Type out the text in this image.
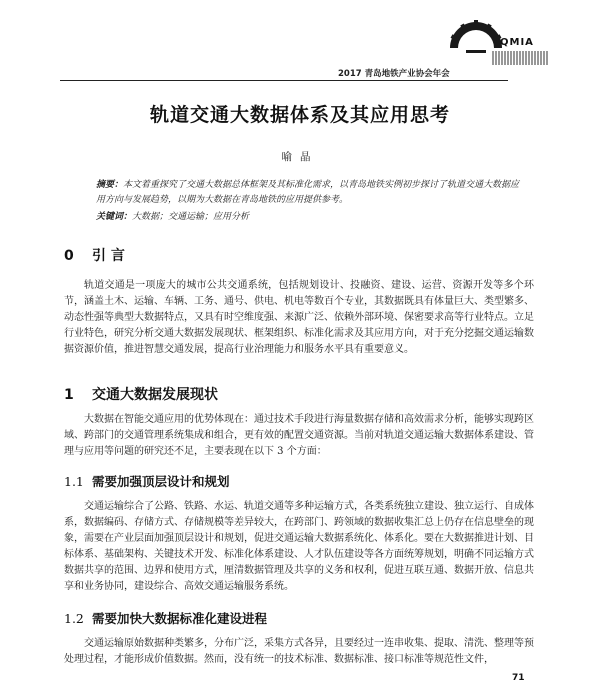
2017 青岛地铁产业协会年会
QMIA
轨道交通大数据体系及其应用思考
喻晶
摘要：本文着重探究了交通大数据总体框架及其标准化需求，以青岛地铁实例初步探讨了轨道交通大数据应用方向与发展趋势，以期为大数据在青岛地铁的应用提供参考。
关键词：大数据；交通运输；应用分析
0 引 言
轨道交通是一项庞大的城市公共交通系统，包括规划设计、投融资、建设、运营、资源开发等多个环节，涵盖土木、运输、车辆、工务、通号、供电、机电等数百个专业，其数据既具有体量巨大、类型繁多、动态性强等典型大数据特点，又具有时空维度强、来源广泛、依赖外部环境、保密要求高等行业特点。立足行业特色，研究分析交通大数据发展现状、框架组织、标准化需求及其应用方向，对于充分挖掘交通运输数据资源价值，推进智慧交通发展，提高行业治理能力和服务水平具有重要意义。
1 交通大数据发展现状
大数据在智能交通应用的优势体现在：通过技术手段进行海量数据存储和高效需求分析，能够实现跨区域、跨部门的交通管理系统集成和组合，更有效的配置交通资源。当前对轨道交通运输大数据体系建设、管理与应用等问题的研究还不足，主要表现在以下 3 个方面：
1.1 需要加强顶层设计和规划
交通运输综合了公路、铁路、水运、轨道交通等多种运输方式，各类系统独立建设、独立运行、自成体系，数据编码、存储方式、存储规模等差异较大，在跨部门、跨领域的数据收集汇总上仍存在信息壁垒的现象，需要在产业层面加强顶层设计和规划，促进交通运输大数据系统化、体系化。要在大数据推进计划、目标体系、基础架构、关键技术开发、标准化体系建设、人才队伍建设等各方面统筹规划，明确不同运输方式数据共享的范围、边界和使用方式，厘清数据管理及共享的义务和权利，促进互联互通、数据开放、信息共享和业务协同，建设综合、高效交通运输服务系统。
1.2 需要加快大数据标准化建设进程
交通运输原始数据种类繁多，分布广泛，采集方式各异，且要经过一连串收集、提取、清洗、整理等预处理过程，才能形成价值数据。然而，没有统一的技术标准、数据标准、接口标准等规范性文件，
71
